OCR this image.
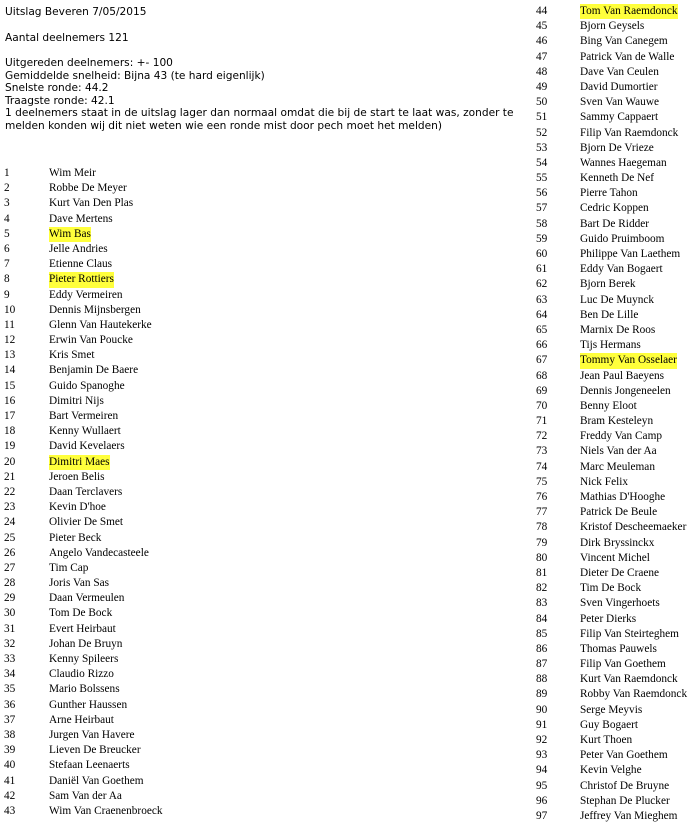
Uitslag Beveren 7/05/2015
Aantal deelnemers 121
Uitgereden deelnemers: +- 100
Gemiddelde snelheid: Bijna 43 (te hard eigenlijk)
Snelste ronde: 44.2
Traagste ronde: 42.1
1 deelnemers staat in de uitslag lager dan normaal omdat die bij de start te laat was, zonder te melden konden wij dit niet weten wie een ronde mist door pech moet het melden)
1	Wim Meir
2	Robbe De Meyer
3	Kurt Van Den Plas
4	Dave Mertens
5	Wim Bas
6	Jelle Andries
7	Etienne Claus
8	Pieter Rottiers
9	Eddy Vermeiren
10	Dennis Mijnsbergen
11	Glenn Van Hautekerke
12	Erwin Van Poucke
13	Kris Smet
14	Benjamin De Baere
15	Guido Spanoghe
16	Dimitri Nijs
17	Bart Vermeiren
18	Kenny Wullaert
19	David Kevelaers
20	Dimitri Maes
21	Jeroen Belis
22	Daan Terclavers
23	Kevin D'hoe
24	Olivier De Smet
25	Pieter Beck
26	Angelo Vandecasteele
27	Tim Cap
28	Joris Van Sas
29	Daan Vermeulen
30	Tom De Bock
31	Evert Heirbaut
32	Johan De Bruyn
33	Kenny Spileers
34	Claudio Rizzo
35	Mario Bolssens
36	Gunther Haussen
37	Arne Heirbaut
38	Jurgen Van Havere
39	Lieven De Breucker
40	Stefaan Leenaerts
41	Daniël Van Goethem
42	Sam Van der Aa
43	Wim Van Craenenbroeck
44	Tom Van Raemdonck
45	Bjorn Geysels
46	Bing Van Canegem
47	Patrick Van de Walle
48	Dave Van Ceulen
49	David Dumortier
50	Sven Van Wauwe
51	Sammy Cappaert
52	Filip Van Raemdonck
53	Bjorn De Vrieze
54	Wannes Haegeman
55	Kenneth De Nef
56	Pierre Tahon
57	Cedric Koppen
58	Bart De Ridder
59	Guido Pruimboom
60	Philippe Van Laethem
61	Eddy Van Bogaert
62	Bjorn Berek
63	Luc De Muynck
64	Ben De Lille
65	Marnix De Roos
66	Tijs Hermans
67	Tommy Van Osselaer
68	Jean Paul Baeyens
69	Dennis Jongeneelen
70	Benny Eloot
71	Bram Kesteleyn
72	Freddy Van Camp
73	Niels Van der Aa
74	Marc Meuleman
75	Nick Felix
76	Mathias D'Hooghe
77	Patrick De Beule
78	Kristof Descheemaeker
79	Dirk Bryssinckx
80	Vincent Michel
81	Dieter De Craene
82	Tim De Bock
83	Sven Vingerhoets
84	Peter Dierks
85	Filip Van Steirteghem
86	Thomas Pauwels
87	Filip Van Goethem
88	Kurt Van Raemdonck
89	Robby Van Raemdonck
90	Serge Meyvis
91	Guy Bogaert
92	Kurt Thoen
93	Peter Van Goethem
94	Kevin Velghe
95	Christof De Bruyne
96	Stephan De Plucker
97	Jeffrey Van Mieghem
